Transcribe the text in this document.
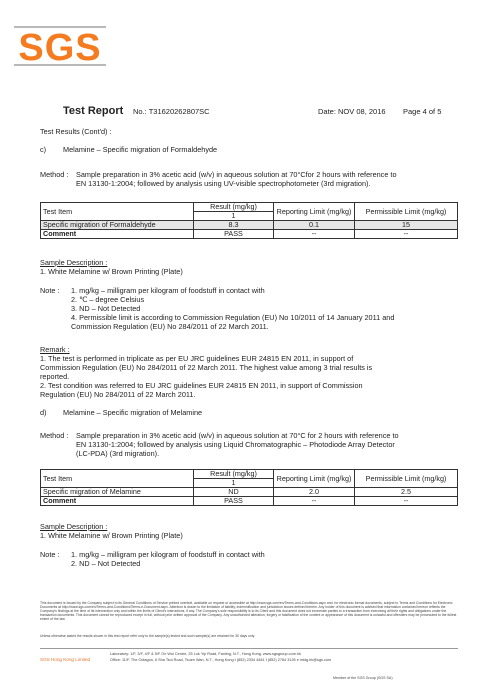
SGS
Test Report No.: T31620262807SC	Date: NOV 08, 2016 Page 4 of 5
Test Results (Cont'd) :
c) Melamine – Specific migration of Formaldehyde
Method : Sample preparation in 3% acetic acid (w/v) in aqueous solution at 70°Cfor 2 hours with reference to
EN 13130-1:2004; followed by analysis using UV-visible spectrophotometer (3rd migration).
Test Item	Result (mg/kg)	Reporting Limit (mg/kg)	Permissible Limit (mg/kg)
	1		
Specific migration of Formaldehyde	8.3	0.1	15
Comment	PASS	--	--
Sample Description :
1. White Melamine w/ Brown Printing (Plate)
Note : 1. mg/kg – milligram per kilogram of foodstuff in contact with
2. ℃ – degree Celsius
3. ND – Not Detected
4. Permissible limit is according to Commission Regulation (EU) No 10/2011 of 14 January 2011 and
Commission Regulation (EU) No 284/2011 of 22 March 2011.
Remark :
1. The test is performed in triplicate as per EU JRC guidelines EUR 24815 EN 2011, in support of
Commission Regulation (EU) No 284/2011 of 22 March 2011. The highest value among 3 trial results is
reported.
2. Test condition was referred to EU JRC guidelines EUR 24815 EN 2011, in support of Commission
Regulation (EU) No 284/2011 of 22 March 2011.
d) Melamine – Specific migration of Melamine
Method : Sample preparation in 3% acetic acid (w/v) in aqueous solution at 70°C for 2 hours with reference to
EN 13130-1:2004; followed by analysis using Liquid Chromatographic – Photodiode Array Detector
(LC-PDA) (3rd migration).
Test Item	Result (mg/kg)	Reporting Limit (mg/kg)	Permissible Limit (mg/kg)
	1		
Specific migration of Melamine	ND	2.0	2.5
Comment	PASS	--	--
Sample Description :
1. White Melamine w/ Brown Printing (Plate)
Note : 1. mg/kg – milligram per kilogram of foodstuff in contact with
2. ND – Not Detected
This document is issued by the Company subject to its General Conditions of Service printed overleaf, available on request or accessible at http://www.sgs.com/en/Terms-and-Conditions.aspx and, for electronic format documents, subject to Terms and Conditions for Electronic Documents at http://www.sgs.com/en/Terms-and-Conditions/Terms-e-Document.aspx. Attention is drawn to the limitation of liability, indemnification and jurisdiction issues defined therein. Any holder of this document is advised that information contained hereon reflects the Company's findings at the time of its intervention only and within the limits of Client's instructions, if any. The Company's sole responsibility is to its Client and this document does not exonerate parties to a transaction from exercising all their rights and obligations under the transaction documents. This document cannot be reproduced except in full, without prior written approval of the Company. Any unauthorized alteration, forgery or falsification of the content or appearance of this document is unlawful and offenders may be prosecuted to the fullest extent of the law.
Unless otherwise stated the results shown in this test report refer only to the sample(s) tested and such sample(s) are retained for 30 days only.
SGS Hong Kong Limited
Laboratory: 1/F, 3/F, 4/F & 5/F On Wui Centre, 25 Lok Yip Road, Fanling, N.T., Hong Kong. www.sgsgroup.com.hk
Office: 11/F, The Octagon, 6 Sha Tsui Road, Tsuen Wan, N.T., Hong Kong t (852) 2334 4481 f (852) 2764 3126 e mktg.hk@sgs.com
Member of the SGS Group (SGS SA)
